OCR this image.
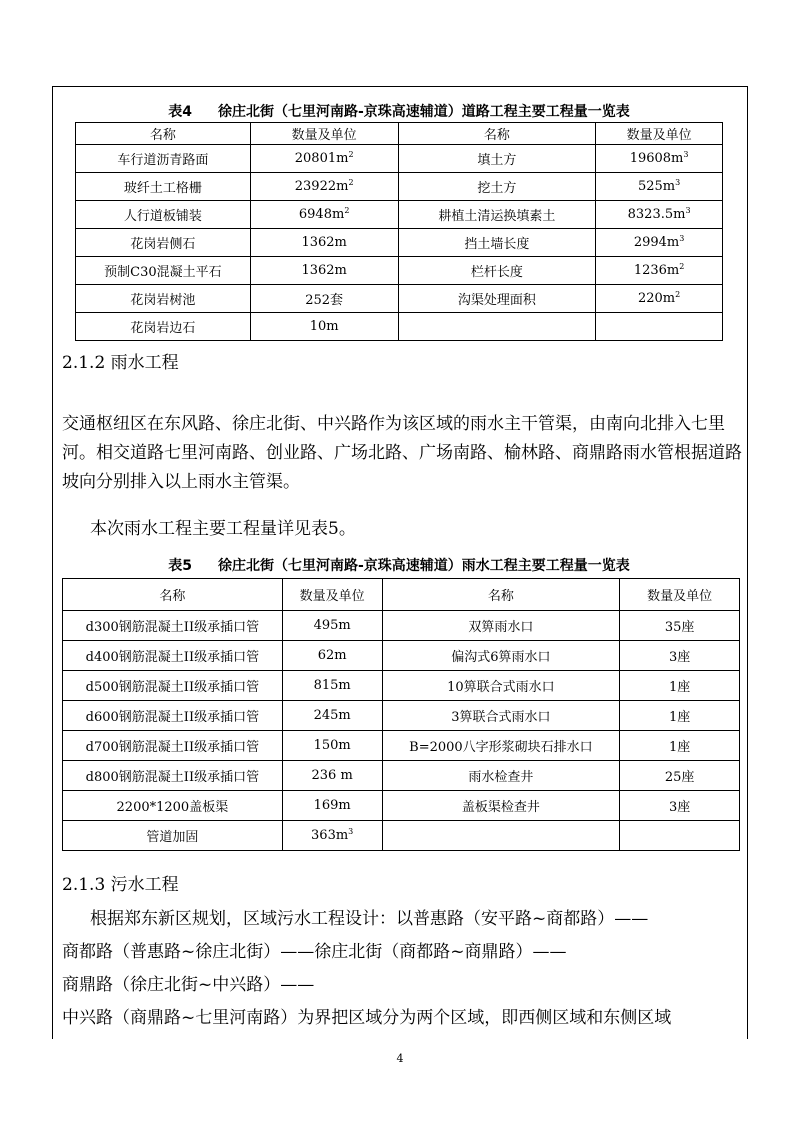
表4 徐庄北街（七里河南路-京珠高速辅道）道路工程主要工程量一览表
名称	数量及单位	名称	数量及单位
车行道沥青路面	$20801m^2$	填土方	$19608m^3$
玻纤土工格栅	$23922m^2$	挖土方	$525m^3$
人行道板铺装	$6948m^2$	耕植土清运换填素土	$8323.5m^3$
花岗岩侧石	1362m	挡土墙长度	$2994m^3$
预制C30混凝土平石	1362m	栏杆长度	$1236m^2$
花岗岩树池	252套	沟渠处理面积	$220m^2$
花岗岩边石	10m		
2.1.2 雨水工程
交通枢纽区在东风路、徐庄北街、中兴路作为该区域的雨水主干管渠，由南向北排入七里河。相交道路七里河南路、创业路、广场北路、广场南路、榆林路、商鼎路雨水管根据道路坡向分别排入以上雨水主管渠。
本次雨水工程主要工程量详见表5。
表5 徐庄北街（七里河南路-京珠高速辅道）雨水工程主要工程量一览表
名称	数量及单位	名称	数量及单位
d300钢筋混凝土II级承插口管	495m	双箅雨水口	35座
d400钢筋混凝土II级承插口管	62m	偏沟式6箅雨水口	3座
d500钢筋混凝土II级承插口管	815m	10箅联合式雨水口	1座
d600钢筋混凝土II级承插口管	245m	3箅联合式雨水口	1座
d700钢筋混凝土II级承插口管	150m	B=2000八字形浆砌块石排水口	1座
d800钢筋混凝土II级承插口管	236 m	雨水检查井	25座
2200*1200盖板渠	169m	盖板渠检查井	3座
管道加固	$363m^3$		
2.1.3 污水工程
根据郑东新区规划，区域污水工程设计：以普惠路（安平路~商都路）——
商都路（普惠路~徐庄北街）——徐庄北街（商都路~商鼎路）——
商鼎路（徐庄北街~中兴路）——
中兴路（商鼎路~七里河南路）为界把区域分为两个区域，即西侧区域和东侧区域
4
